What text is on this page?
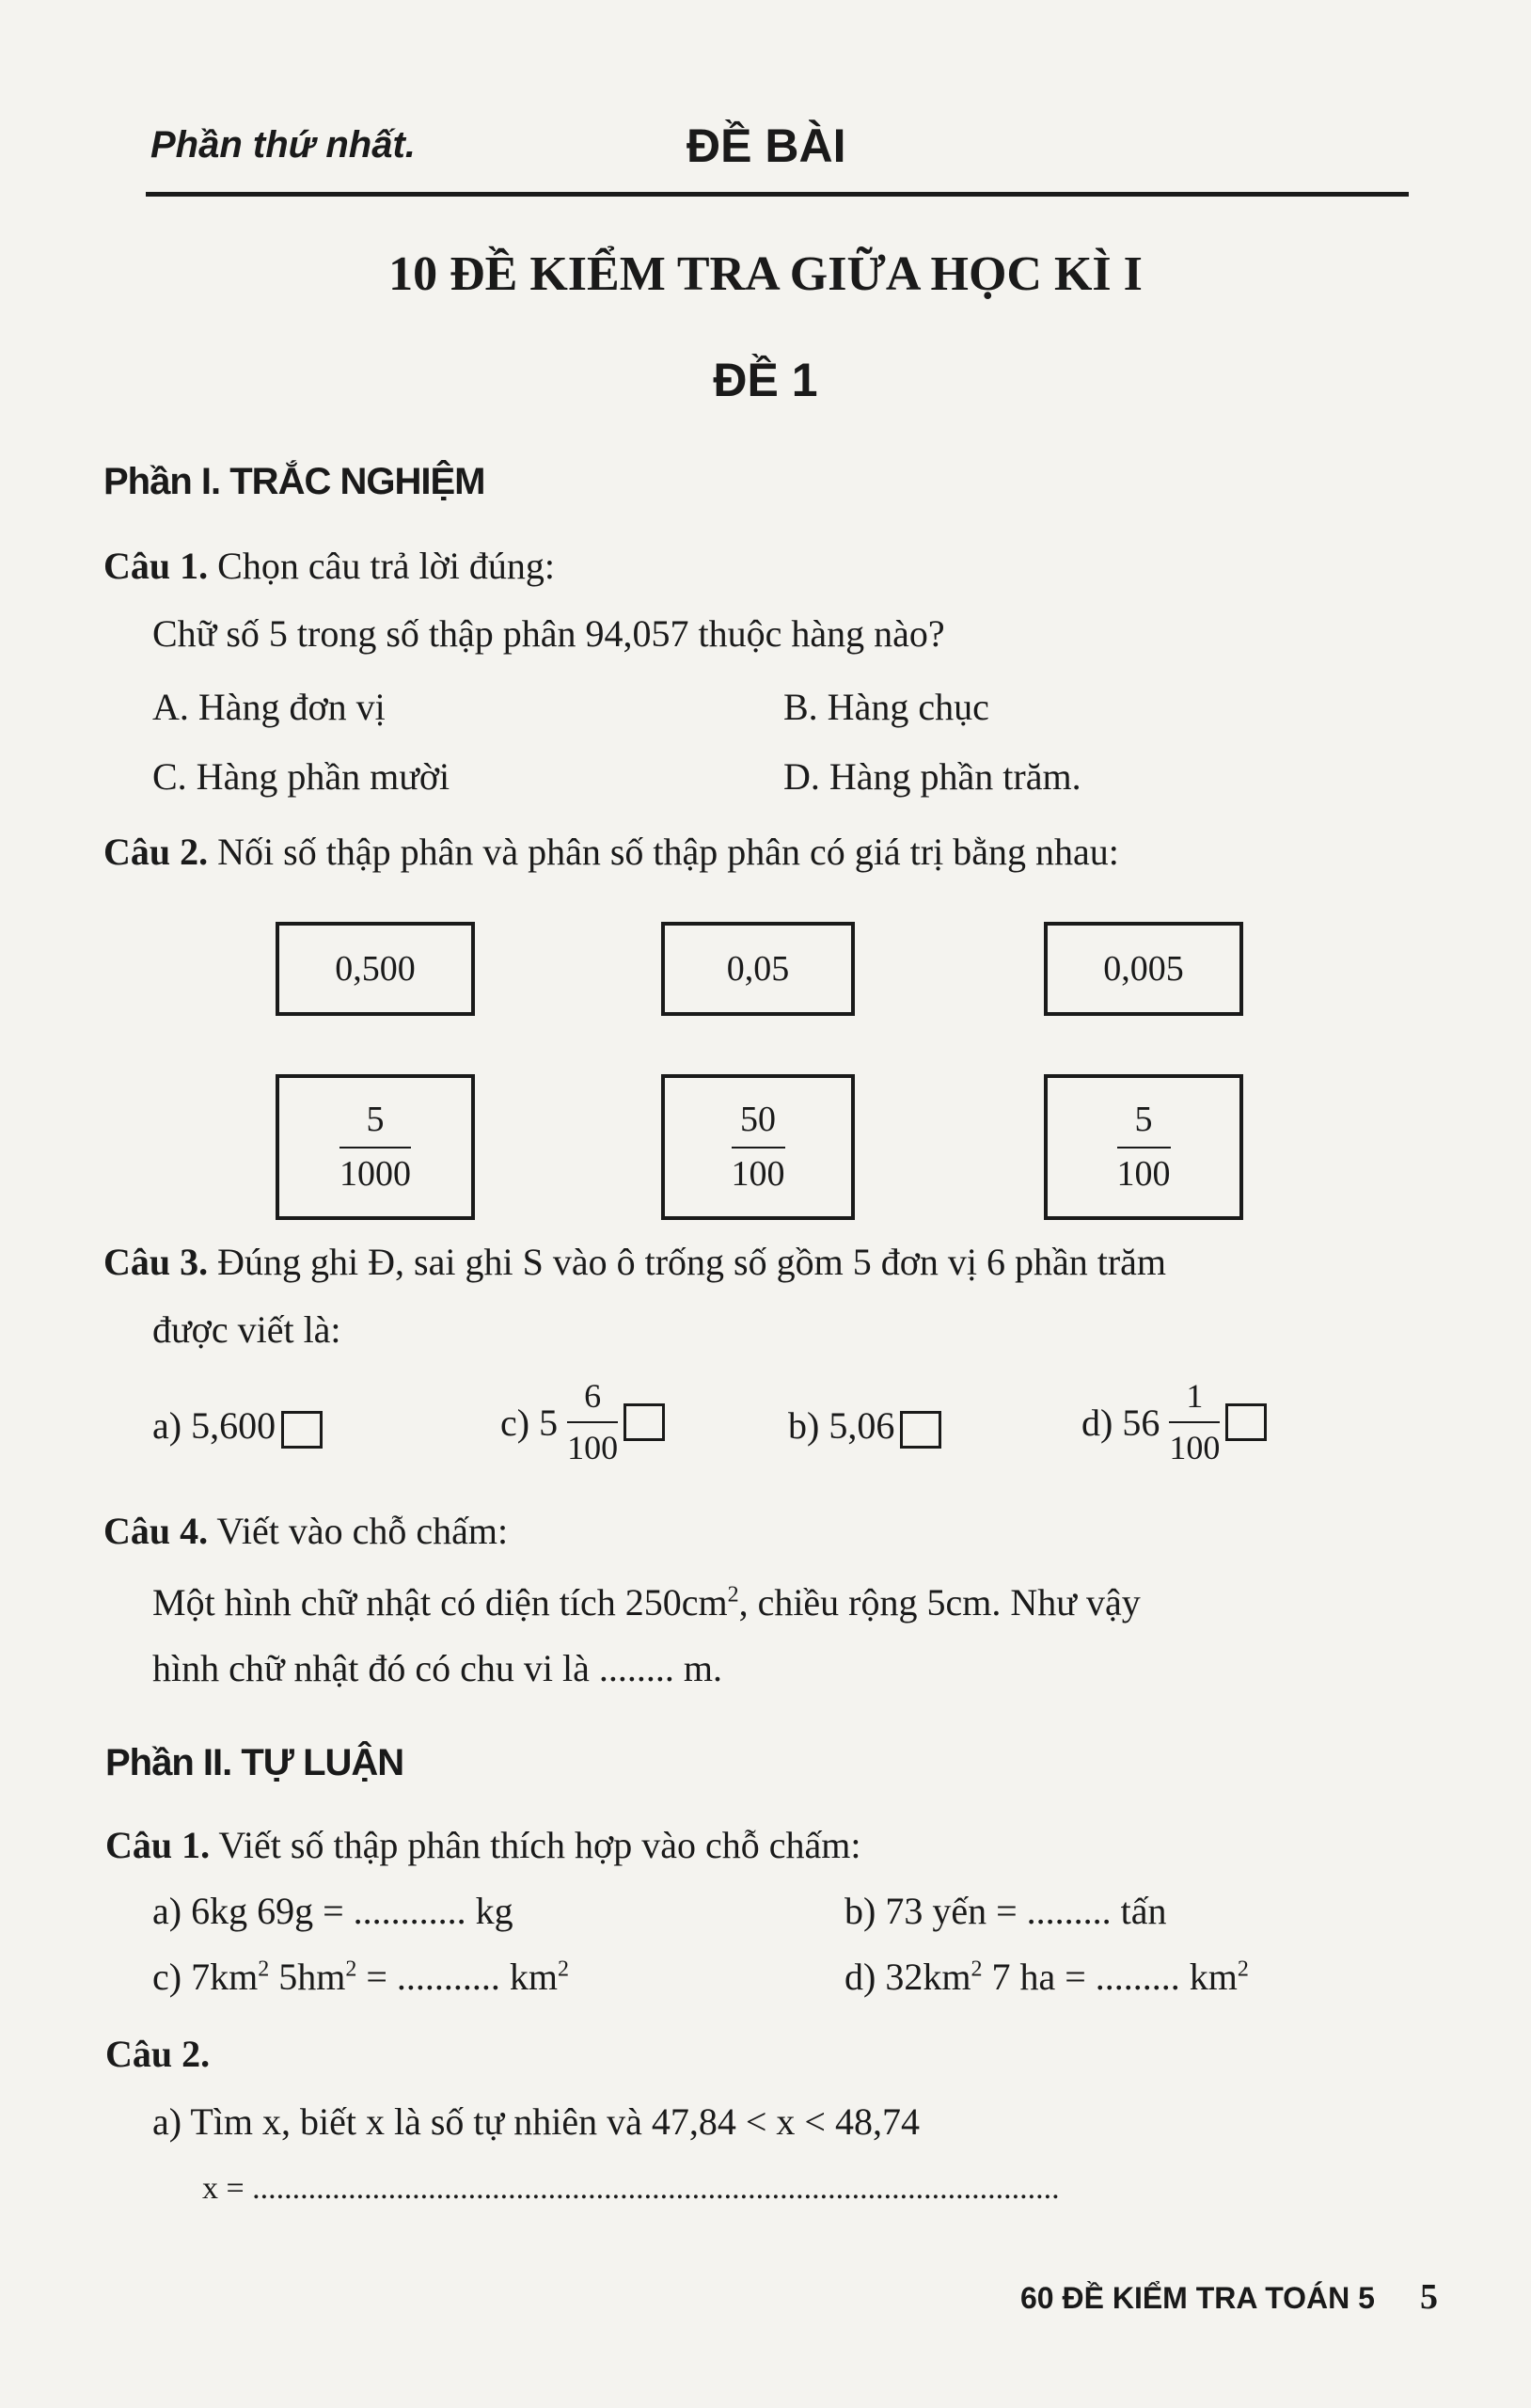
Phần thứ nhất.	ĐỀ BÀI
10 ĐỀ KIỂM TRA GIỮA HỌC KÌ I
ĐỀ 1
Phần I. TRẮC NGHIỆM
Câu 1. Chọn câu trả lời đúng:
Chữ số 5 trong số thập phân 94,057 thuộc hàng nào?
A. Hàng đơn vị	B. Hàng chục
C. Hàng phần mười	D. Hàng phần trăm.
Câu 2. Nối số thập phân và phân số thập phân có giá trị bằng nhau:
0,500	0,05	0,005
$\frac{5}{1000}$	$\frac{50}{100}$	$\frac{5}{100}$
Câu 3. Đúng ghi Đ, sai ghi S vào ô trống số gồm 5 đơn vị 6 phần trăm
được viết là:
a) 5,600	c) $5 \frac{6}{100}$	b) 5,06	d) $56 \frac{1}{100}$
Câu 4. Viết vào chỗ chấm:
Một hình chữ nhật có diện tích $250cm^2$, chiều rộng 5cm. Như vậy
hình chữ nhật đó có chu vi là ........ m.
Phần II. TỰ LUẬN
Câu 1. Viết số thập phân thích hợp vào chỗ chấm:
a) 6kg 69g = ............ kg	b) 73 yến = ......... tấn
c) $7km^2$ $5hm^2$ = ........... $km^2$	d) $32km^2$ 7 ha = ......... $km^2$
Câu 2.
a) Tìm x, biết x là số tự nhiên và 47,84 < x < 48,74
x = .....................................................................................................
60 ĐỀ KIỂM TRA TOÁN 5 5
